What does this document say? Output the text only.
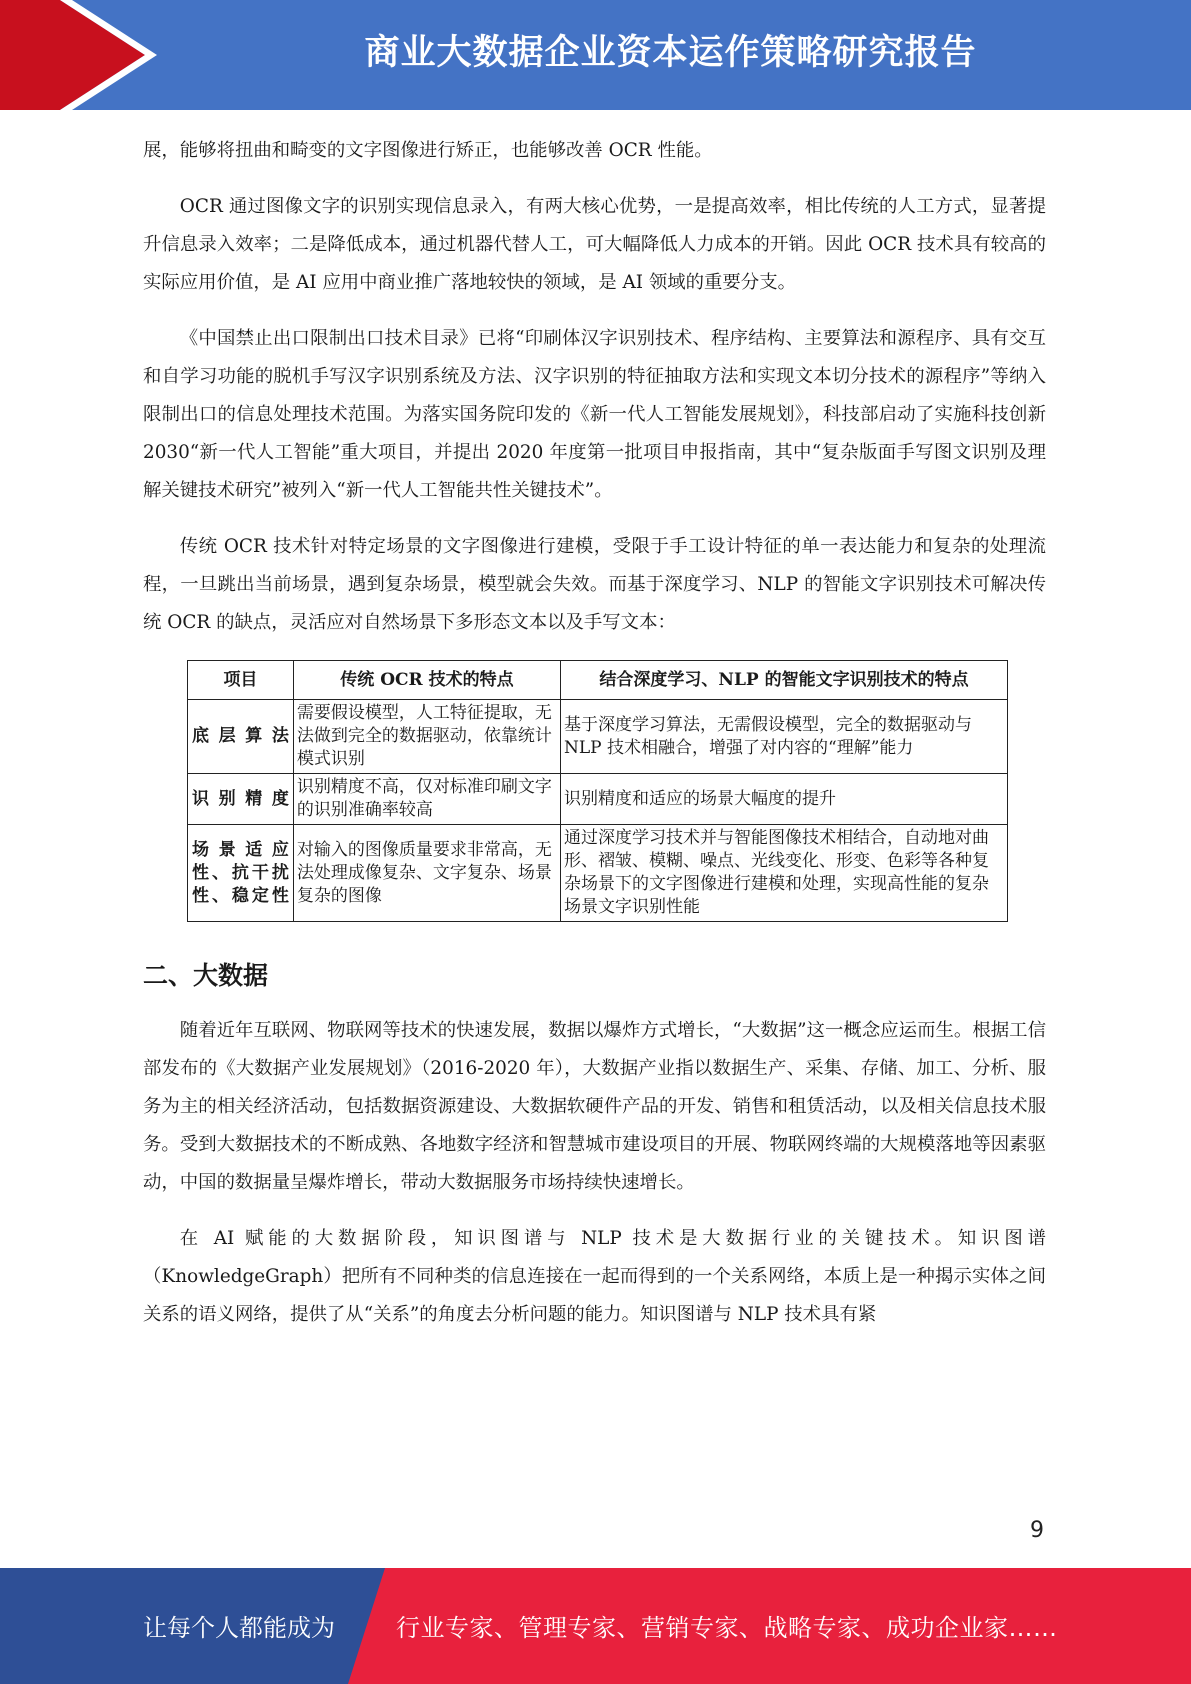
商业大数据企业资本运作策略研究报告

展，能够将扭曲和畸变的文字图像进行矫正，也能够改善 OCR 性能。

OCR 通过图像文字的识别实现信息录入，有两大核心优势，一是提高效率，相比传统的人工方式，显著提升信息录入效率；二是降低成本，通过机器代替人工，可大幅降低人力成本的开销。因此 OCR 技术具有较高的实际应用价值，是 AI 应用中商业推广落地较快的领域，是 AI 领域的重要分支。

《中国禁止出口限制出口技术目录》已将“印刷体汉字识别技术、程序结构、主要算法和源程序、具有交互和自学习功能的脱机手写汉字识别系统及方法、汉字识别的特征抽取方法和实现文本切分技术的源程序”等纳入限制出口的信息处理技术范围。为落实国务院印发的《新一代人工智能发展规划》，科技部启动了实施科技创新 2030“新一代人工智能”重大项目，并提出 2020 年度第一批项目申报指南，其中“复杂版面手写图文识别及理解关键技术研究”被列入“新一代人工智能共性关键技术”。

传统 OCR 技术针对特定场景的文字图像进行建模，受限于手工设计特征的单一表达能力和复杂的处理流程，一旦跳出当前场景，遇到复杂场景，模型就会失效。而基于深度学习、NLP 的智能文字识别技术可解决传统 OCR 的缺点，灵活应对自然场景下多形态文本以及手写文本：

项目	传统 OCR 技术的特点	结合深度学习、NLP 的智能文字识别技术的特点
底层算法	需要假设模型，人工特征提取，无法做到完全的数据驱动，依靠统计模式识别	基于深度学习算法，无需假设模型，完全的数据驱动与 NLP 技术相融合，增强了对内容的“理解”能力
识别精度	识别精度不高，仅对标准印刷文字的识别准确率较高	识别精度和适应的场景大幅度的提升
场景适应性、抗干扰性、稳定性	对输入的图像质量要求非常高，无法处理成像复杂、文字复杂、场景复杂的图像	通过深度学习技术并与智能图像技术相结合，自动地对曲形、褶皱、模糊、噪点、光线变化、形变、色彩等各种复杂场景下的文字图像进行建模和处理，实现高性能的复杂场景文字识别性能
二、大数据

随着近年互联网、物联网等技术的快速发展，数据以爆炸方式增长，“大数据”这一概念应运而生。根据工信部发布的《大数据产业发展规划》（2016-2020 年），大数据产业指以数据生产、采集、存储、加工、分析、服务为主的相关经济活动，包括数据资源建设、大数据软硬件产品的开发、销售和租赁活动，以及相关信息技术服务。受到大数据技术的不断成熟、各地数字经济和智慧城市建设项目的开展、物联网终端的大规模落地等因素驱动，中国的数据量呈爆炸增长，带动大数据服务市场持续快速增长。

在 AI 赋能的大数据阶段，知识图谱与 NLP 技术是大数据行业的关键技术。知识图谱（KnowledgeGraph）把所有不同种类的信息连接在一起而得到的一个关系网络，本质上是一种揭示实体之间关系的语义网络，提供了从“关系”的角度去分析问题的能力。知识图谱与 NLP 技术具有紧

9
让每个人都能成为	行业专家、管理专家、营销专家、战略专家、成功企业家……
